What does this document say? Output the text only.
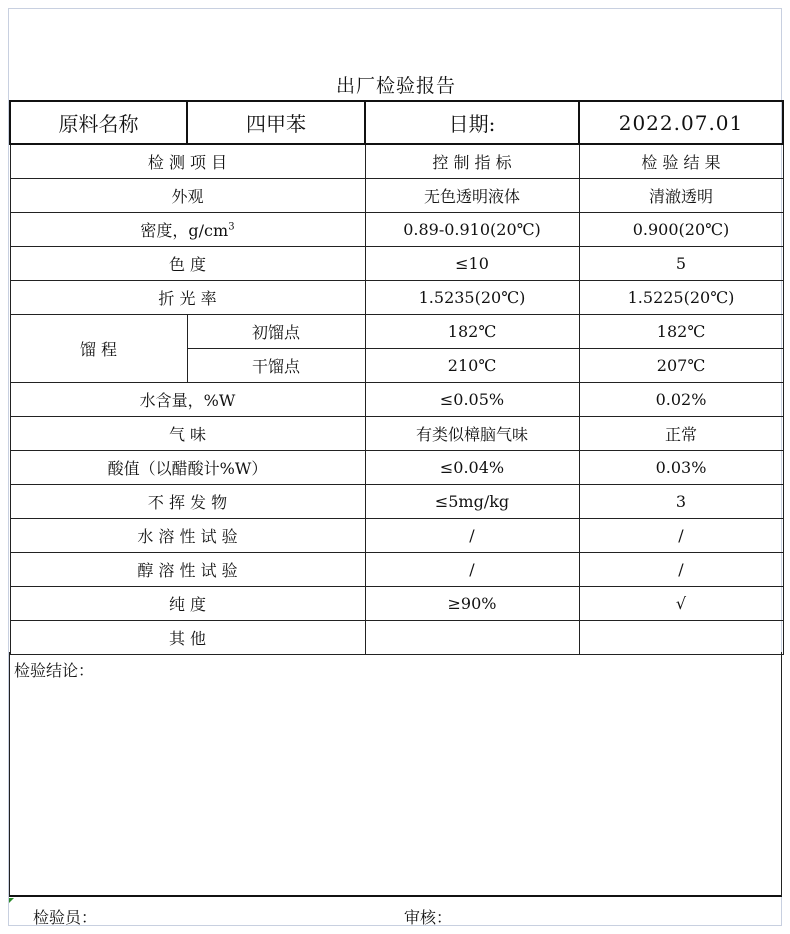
出厂检验报告
原料名称	四甲苯	日期:	2022.07.01
检 测 项 目		控 制 指 标	检 验 结 果
外观		无色透明液体	清澈透明
密度，$g/cm^3$		0.89-0.910(20℃)	0.900(20℃)
色 度		≤10	5
折 光 率		1.5235(20℃)	1.5225(20℃)
馏 程	初馏点	182℃	182℃
	干馏点	210℃	207℃
水含量，%W		≤0.05%	0.02%
气 味		有类似樟脑气味	正常
酸值（以醋酸计%W）		≤0.04%	0.03%
不 挥 发 物		≤5mg/kg	3
水 溶 性 试 验		/	/
醇 溶 性 试 验		/	/
纯 度		≥90%	√
其 他			
检验结论：
检验员：	审核：
